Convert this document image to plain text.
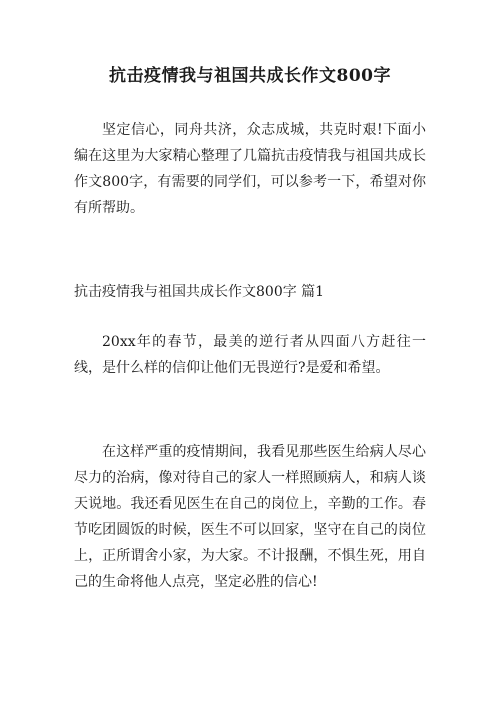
抗击疫情我与祖国共成长作文800字

坚定信心，同舟共济，众志成城，共克时艰!下面小编在这里为大家精心整理了几篇抗击疫情我与祖国共成长作文800字，有需要的同学们，可以参考一下，希望对你有所帮助。

抗击疫情我与祖国共成长作文800字 篇1

20xx年的春节，最美的逆行者从四面八方赶往一线，是什么样的信仰让他们无畏逆行?是爱和希望。

在这样严重的疫情期间，我看见那些医生给病人尽心尽力的治病，像对待自己的家人一样照顾病人，和病人谈天说地。我还看见医生在自己的岗位上，辛勤的工作。春节吃团圆饭的时候，医生不可以回家，坚守在自己的岗位上，正所谓舍小家，为大家。不计报酬，不惧生死，用自己的生命将他人点亮，坚定必胜的信心!
